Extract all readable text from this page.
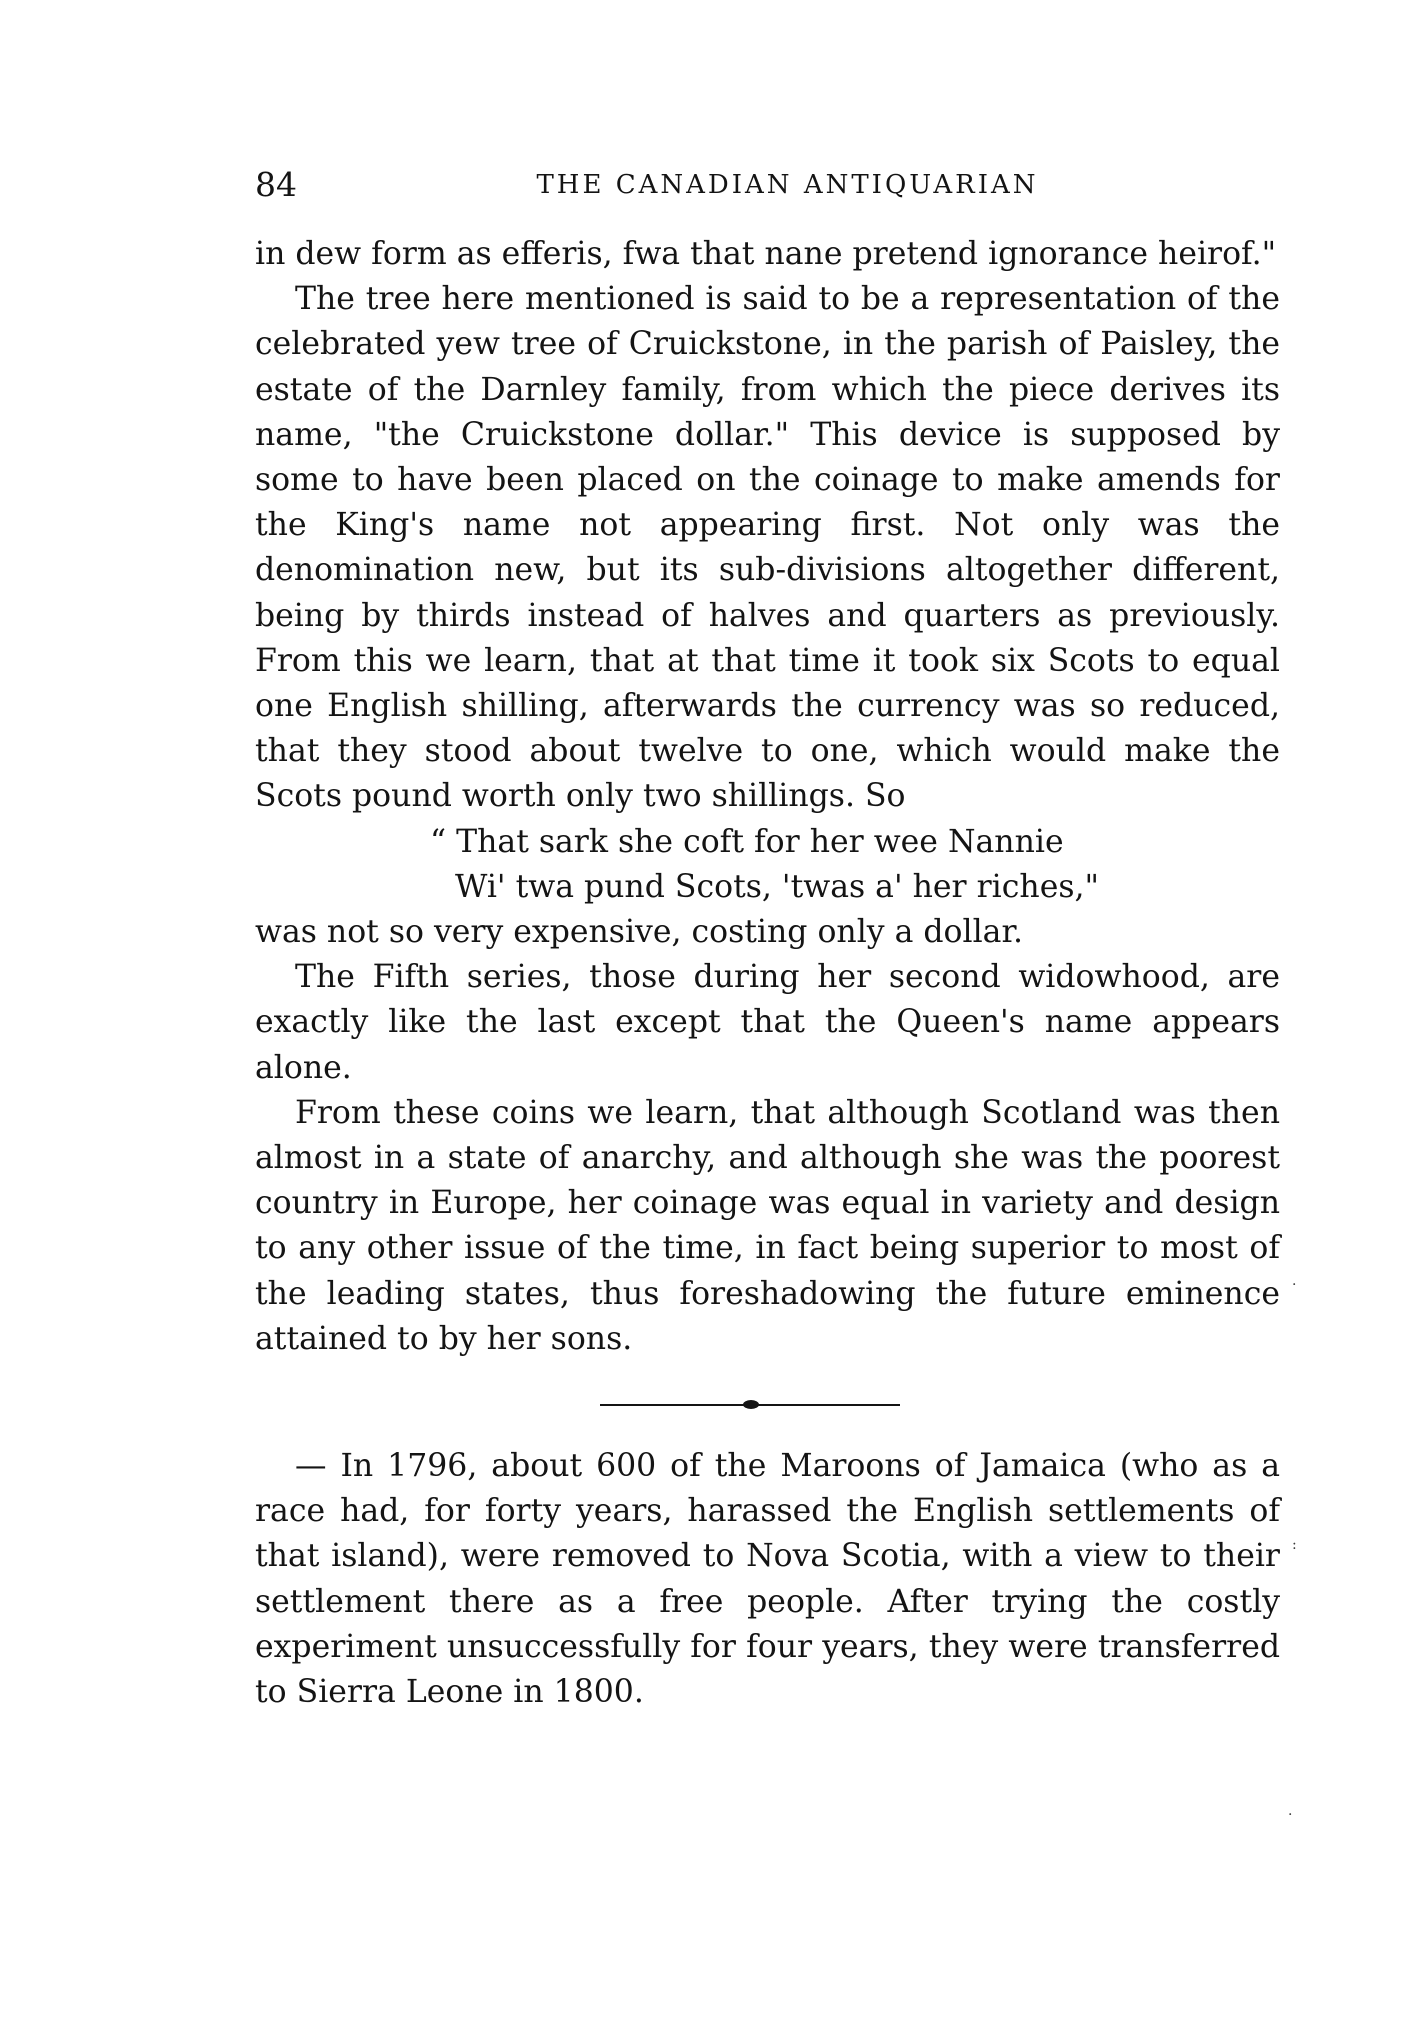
84	THE CANADIAN ANTIQUARIAN

in dew form as efferis, fwa that nane pretend ignorance heirof."

The tree here mentioned is said to be a representation of the celebrated yew tree of Cruickstone, in the parish of Paisley, the estate of the Darnley family, from which the piece derives its name, "the Cruickstone dollar." This device is supposed by some to have been placed on the coinage to make amends for the King's name not appearing first. Not only was the denomination new, but its sub-divisions altogether different, being by thirds instead of halves and quarters as previously. From this we learn, that at that time it took six Scots to equal one English shilling, afterwards the currency was so reduced, that they stood about twelve to one, which would make the Scots pound worth only two shillings. So

“ That sark she coft for her wee Nannie

Wi' twa pund Scots, 'twas a' her riches,"

was not so very expensive, costing only a dollar.

The Fifth series, those during her second widowhood, are exactly like the last except that the Queen's name appears alone.

From these coins we learn, that although Scotland was then almost in a state of anarchy, and although she was the poorest country in Europe, her coinage was equal in variety and design to any other issue of the time, in fact being superior to most of the leading states, thus foreshadowing the future eminence attained to by her sons.

— In 1796, about 600 of the Maroons of Jamaica (who as a race had, for forty years, harassed the English settlements of that island), were removed to Nova Scotia, with a view to their settlement there as a free people. After trying the costly experiment unsuccessfully for four years, they were transferred to Sierra Leone in 1800.

·
:
·
